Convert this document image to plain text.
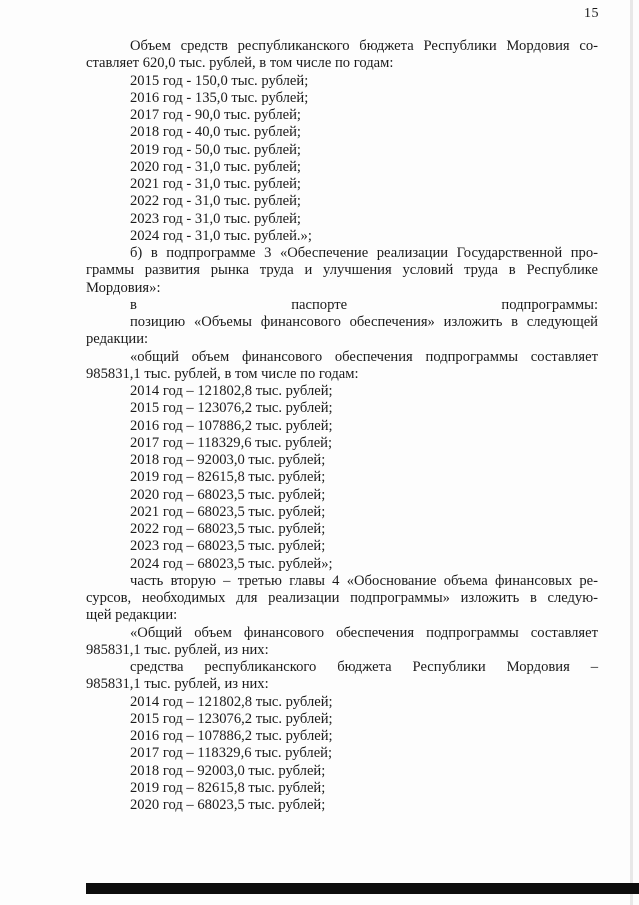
15
Объем средств республиканского бюджета Республики Мордовия со-
ставляет 620,0 тыс. рублей, в том числе по годам:
2015 год - 150,0 тыс. рублей;
2016 год - 135,0 тыс. рублей;
2017 год - 90,0 тыс. рублей;
2018 год - 40,0 тыс. рублей;
2019 год - 50,0 тыс. рублей;
2020 год - 31,0 тыс. рублей;
2021 год - 31,0 тыс. рублей;
2022 год - 31,0 тыс. рублей;
2023 год - 31,0 тыс. рублей;
2024 год - 31,0 тыс. рублей.»;
б) в подпрограмме 3 «Обеспечение реализации Государственной про-
граммы развития рынка труда и улучшения условий труда в Республике
Мордовия»:
в паспорте подпрограммы:
позицию «Объемы финансового обеспечения» изложить в следующей
редакции:
«общий объем финансового обеспечения подпрограммы составляет
985831,1 тыс. рублей, в том числе по годам:
2014 год – 121802,8 тыс. рублей;
2015 год – 123076,2 тыс. рублей;
2016 год – 107886,2 тыс. рублей;
2017 год – 118329,6 тыс. рублей;
2018 год – 92003,0 тыс. рублей;
2019 год – 82615,8 тыс. рублей;
2020 год – 68023,5 тыс. рублей;
2021 год – 68023,5 тыс. рублей;
2022 год – 68023,5 тыс. рублей;
2023 год – 68023,5 тыс. рублей;
2024 год – 68023,5 тыс. рублей»;
часть вторую – третью главы 4 «Обоснование объема финансовых ре-
сурсов, необходимых для реализации подпрограммы» изложить в следую-
щей редакции:
«Общий объем финансового обеспечения подпрограммы составляет
985831,1 тыс. рублей, из них:
средства республиканского бюджета Республики Мордовия –
985831,1 тыс. рублей, из них:
2014 год – 121802,8 тыс. рублей;
2015 год – 123076,2 тыс. рублей;
2016 год – 107886,2 тыс. рублей;
2017 год – 118329,6 тыс. рублей;
2018 год – 92003,0 тыс. рублей;
2019 год – 82615,8 тыс. рублей;
2020 год – 68023,5 тыс. рублей;
